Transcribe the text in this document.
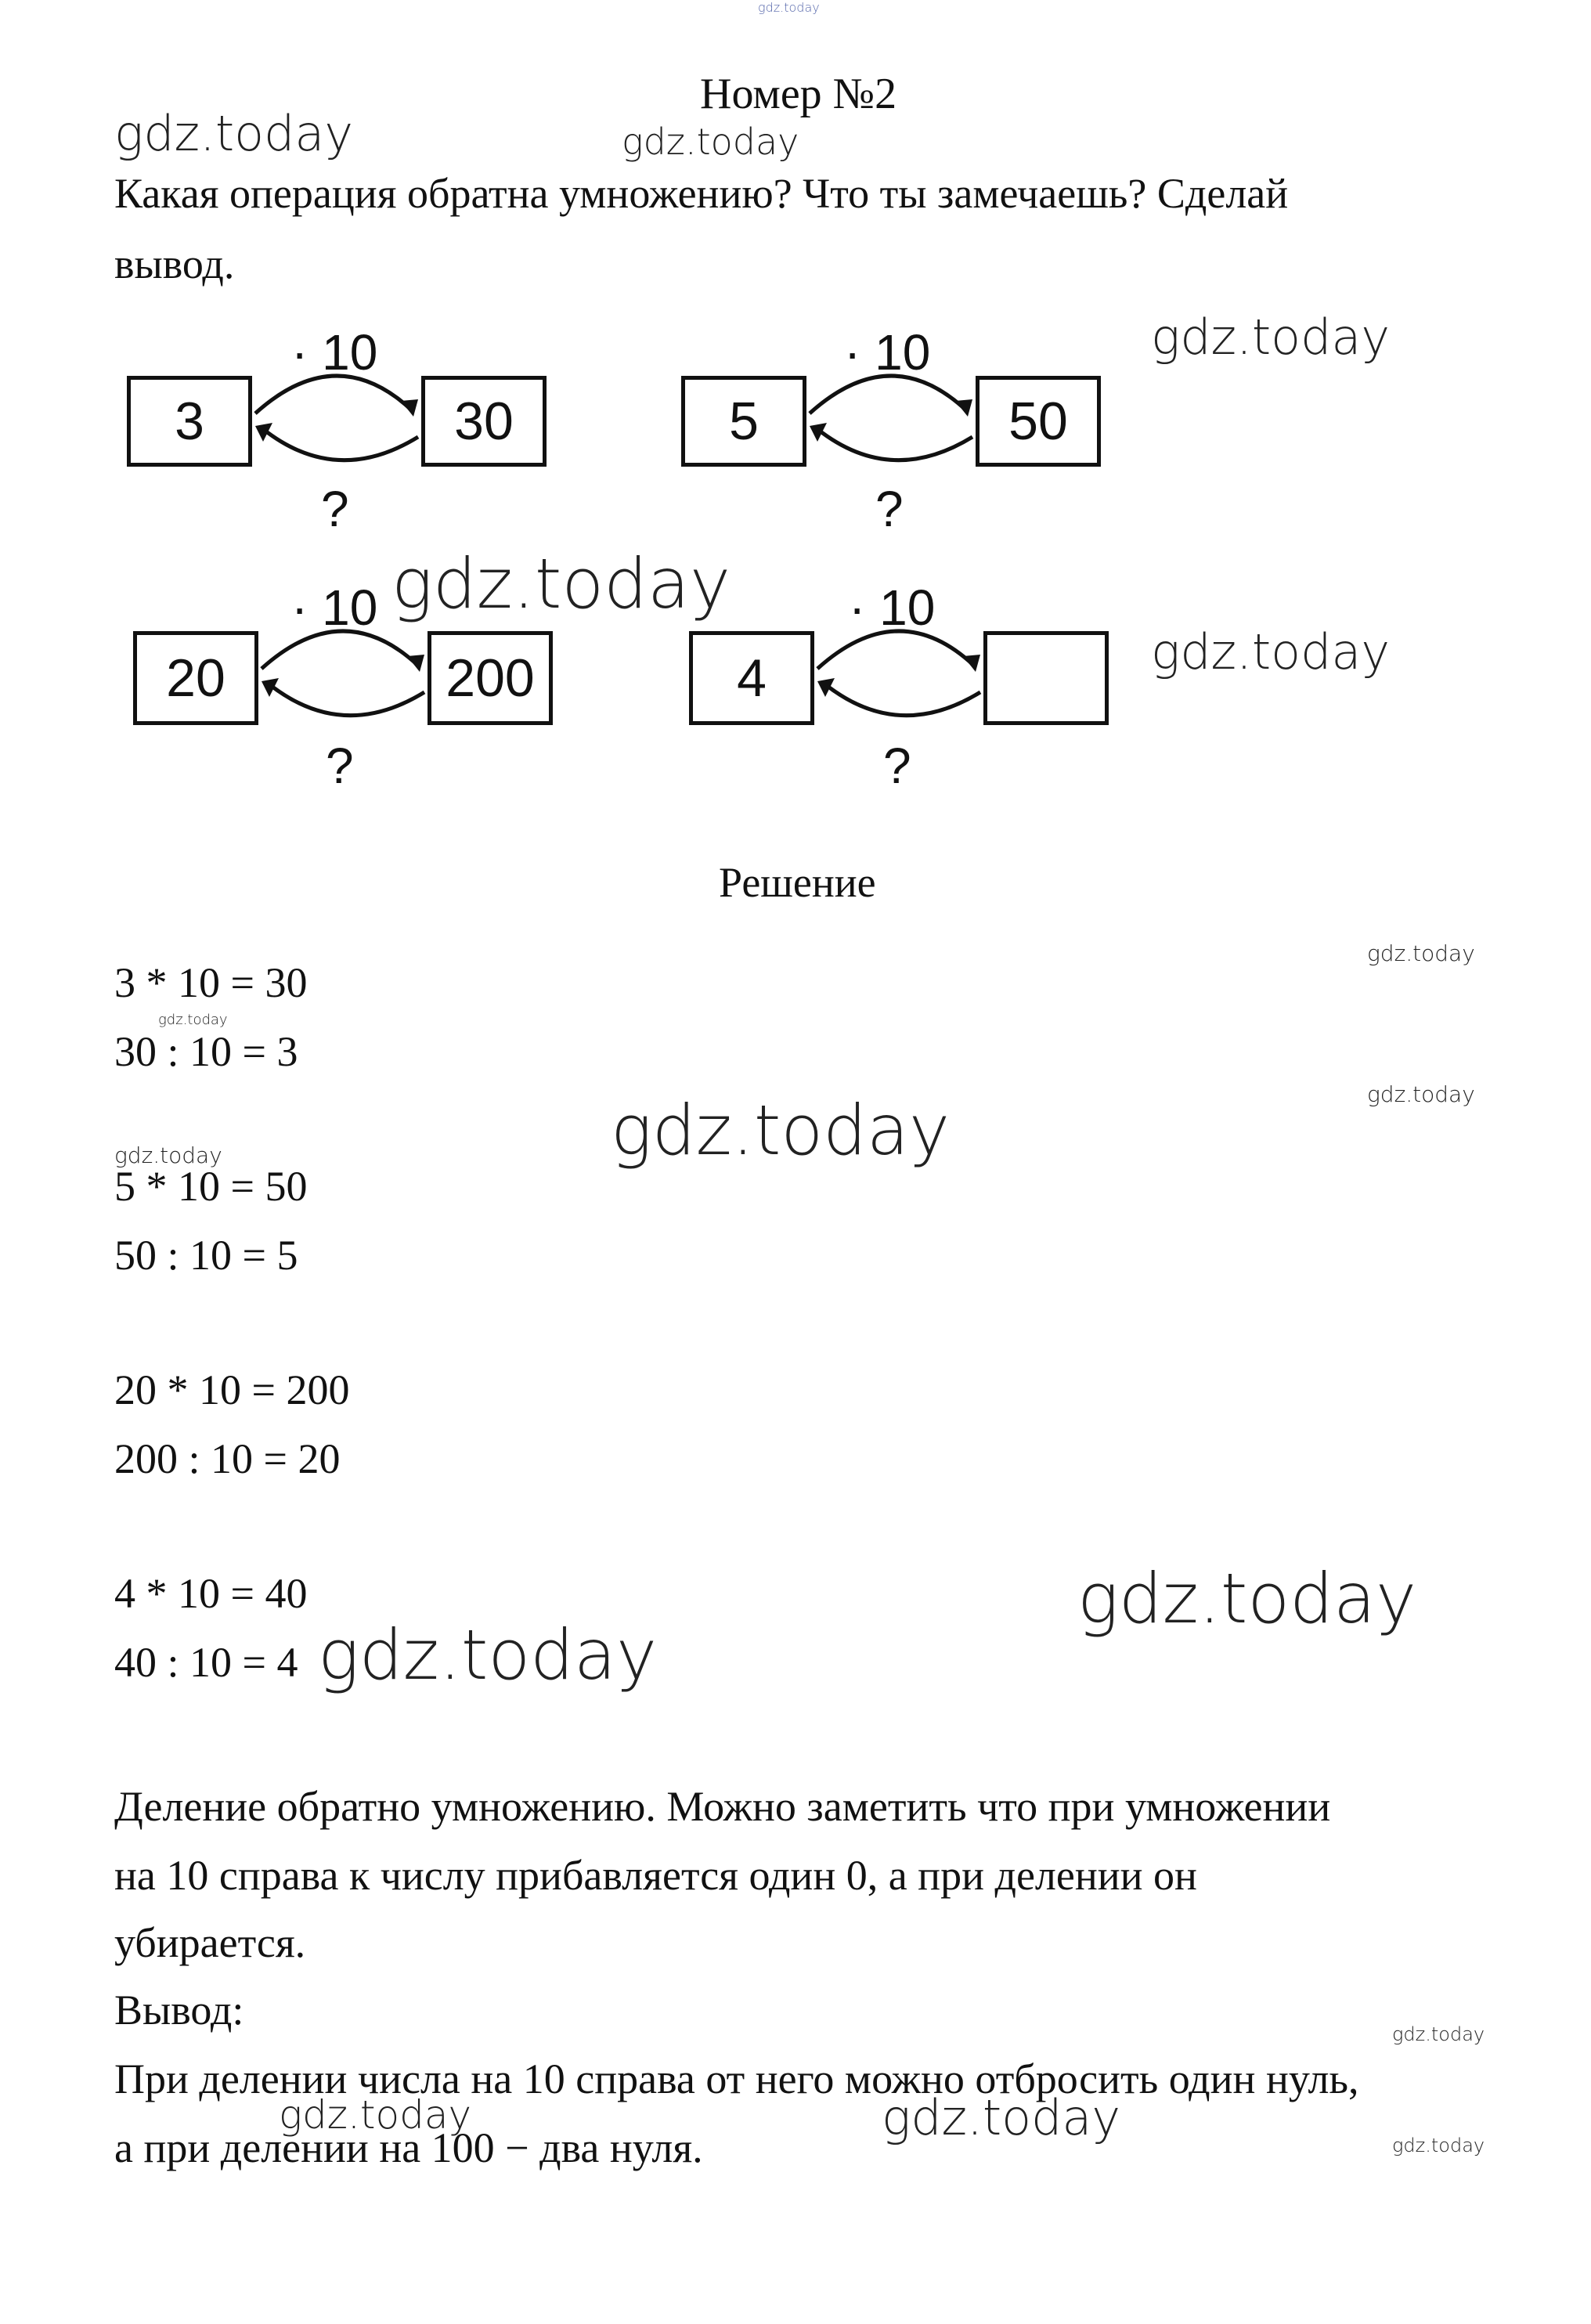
gdz.today
Номер №2
Какая операция обратна умножению? Что ты замечаешь? Сделай
вывод.
· 10
3	30
?
· 10
5	50
?
· 10
20	200
?
· 10
4
?
Решение
3 * 10 = 30
30 : 10 = 3
5 * 10 = 50
50 : 10 = 5
20 * 10 = 200
200 : 10 = 20
4 * 10 = 40
40 : 10 = 4
Деление обратно умножению. Можно заметить что при умножении
на 10 справа к числу прибавляется один 0, а при делении он
убирается.
Вывод:
При делении числа на 10 справа от него можно отбросить один нуль,
а при делении на 100 − два нуля.
gdz.today	gdz.today
gdz.today
gdz.today
gdz.today
gdz.today
gdz.today
gdz.today
gdz.today
gdz.today
gdz.today
gdz.today
gdz.today
gdz.today	gdz.today	gdz.today
